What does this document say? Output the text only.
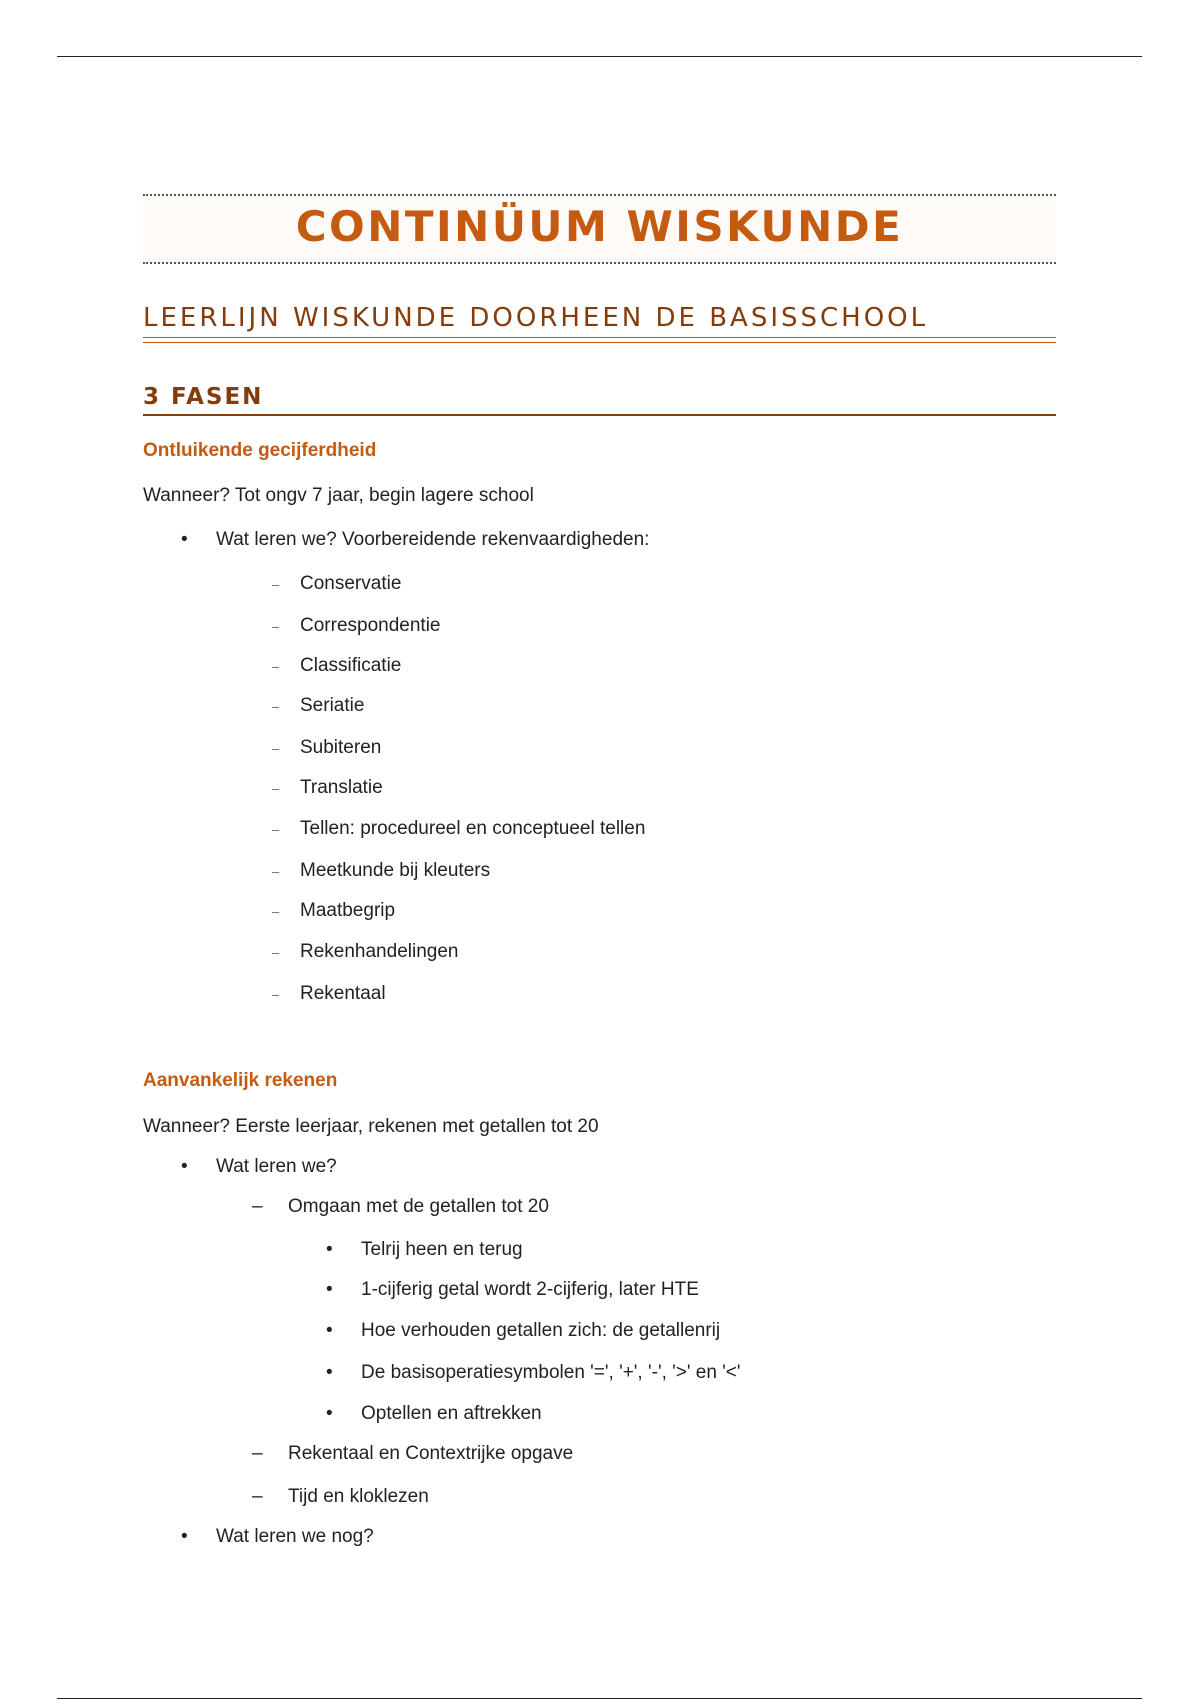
CONTINÜUM WISKUNDE
LEERLIJN WISKUNDE DOORHEEN DE BASISSCHOOL
3 FASEN
Ontluikende gecijferdheid

Wanneer? Tot ongv 7 jaar, begin lagere school

• Wat leren we? Voorbereidende rekenvaardigheden:

– Conservatie

– Correspondentie

– Classificatie

– Seriatie

– Subiteren

– Translatie

– Tellen: procedureel en conceptueel tellen

– Meetkunde bij kleuters

– Maatbegrip

– Rekenhandelingen

– Rekentaal

Aanvankelijk rekenen

Wanneer? Eerste leerjaar, rekenen met getallen tot 20

• Wat leren we?

– Omgaan met de getallen tot 20

• Telrij heen en terug

• 1-cijferig getal wordt 2-cijferig, later HTE

• Hoe verhouden getallen zich: de getallenrij

• De basisoperatiesymbolen '=', '+', '-', '>' en '<'

• Optellen en aftrekken

– Rekentaal en Contextrijke opgave

– Tijd en kloklezen

• Wat leren we nog?
